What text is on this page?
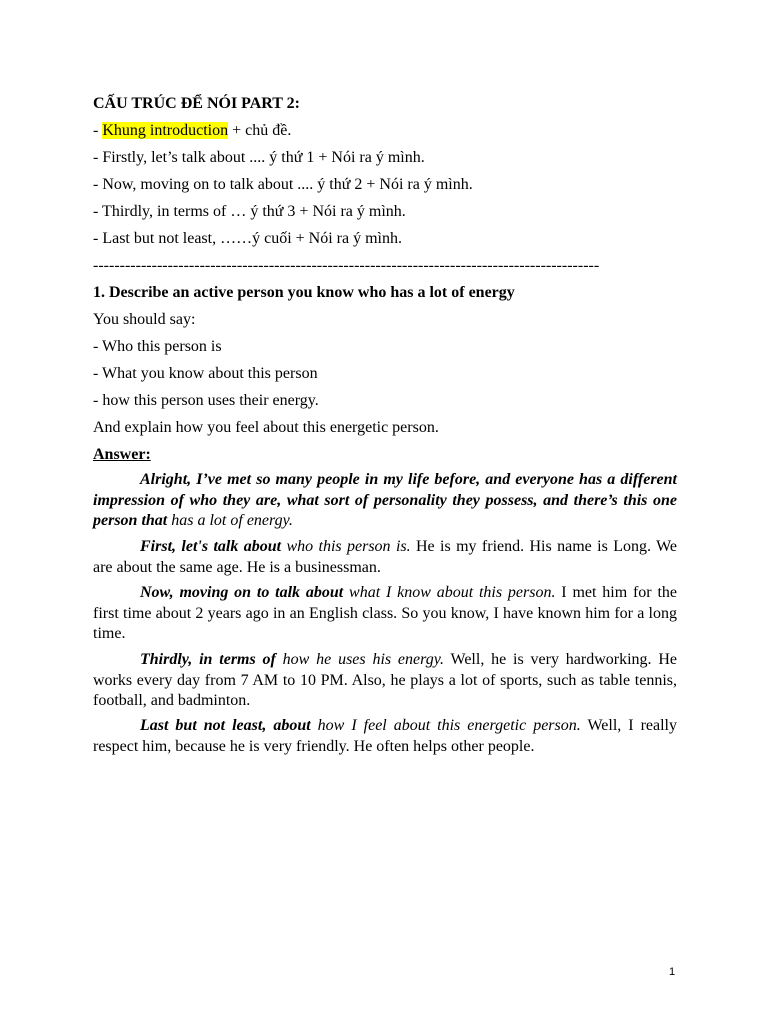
CẤU TRÚC ĐỂ NÓI PART 2:
- Khung introduction + chủ đề.
- Firstly, let’s talk about .... ý thứ 1 + Nói ra ý mình.
- Now, moving on to talk about .... ý thứ 2 + Nói ra ý mình.
- Thirdly, in terms of … ý thứ 3 + Nói ra ý mình.
- Last but not least, ……ý cuối + Nói ra ý mình.
-----------------------------------------------------------------------------------------------
1. Describe an active person you know who has a lot of energy
You should say:
- Who this person is
- What you know about this person
- how this person uses their energy.
And explain how you feel about this energetic person.
Answer:
Alright, I’ve met so many people in my life before, and everyone has a different impression of who they are, what sort of personality they possess, and there’s this one person that has a lot of energy.
First, let's talk about who this person is. He is my friend. His name is Long. We are about the same age. He is a businessman.
Now, moving on to talk about what I know about this person. I met him for the first time about 2 years ago in an English class. So you know, I have known him for a long time.
Thirdly, in terms of how he uses his energy. Well, he is very hardworking. He works every day from 7 AM to 10 PM. Also, he plays a lot of sports, such as table tennis, football, and badminton.
Last but not least, about how I feel about this energetic person. Well, I really respect him, because he is very friendly. He often helps other people.
1
